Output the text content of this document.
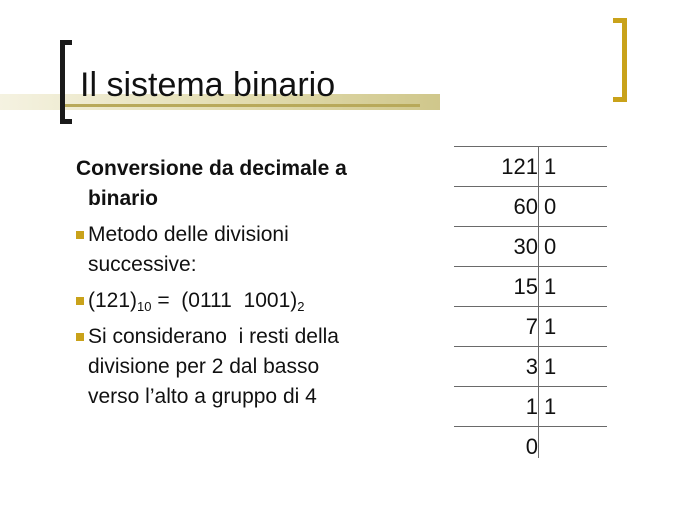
Il sistema binario
Conversione da decimale a
binario
Metodo delle divisioni
successive:
$(121)_{10} = (0111$  $1001)_2$
Si considerano  i resti della
divisione per 2 dal basso
verso l’alto a gruppo di 4
121 1
60 0
30 0
15 1
7 1
3 1
1 1
0
